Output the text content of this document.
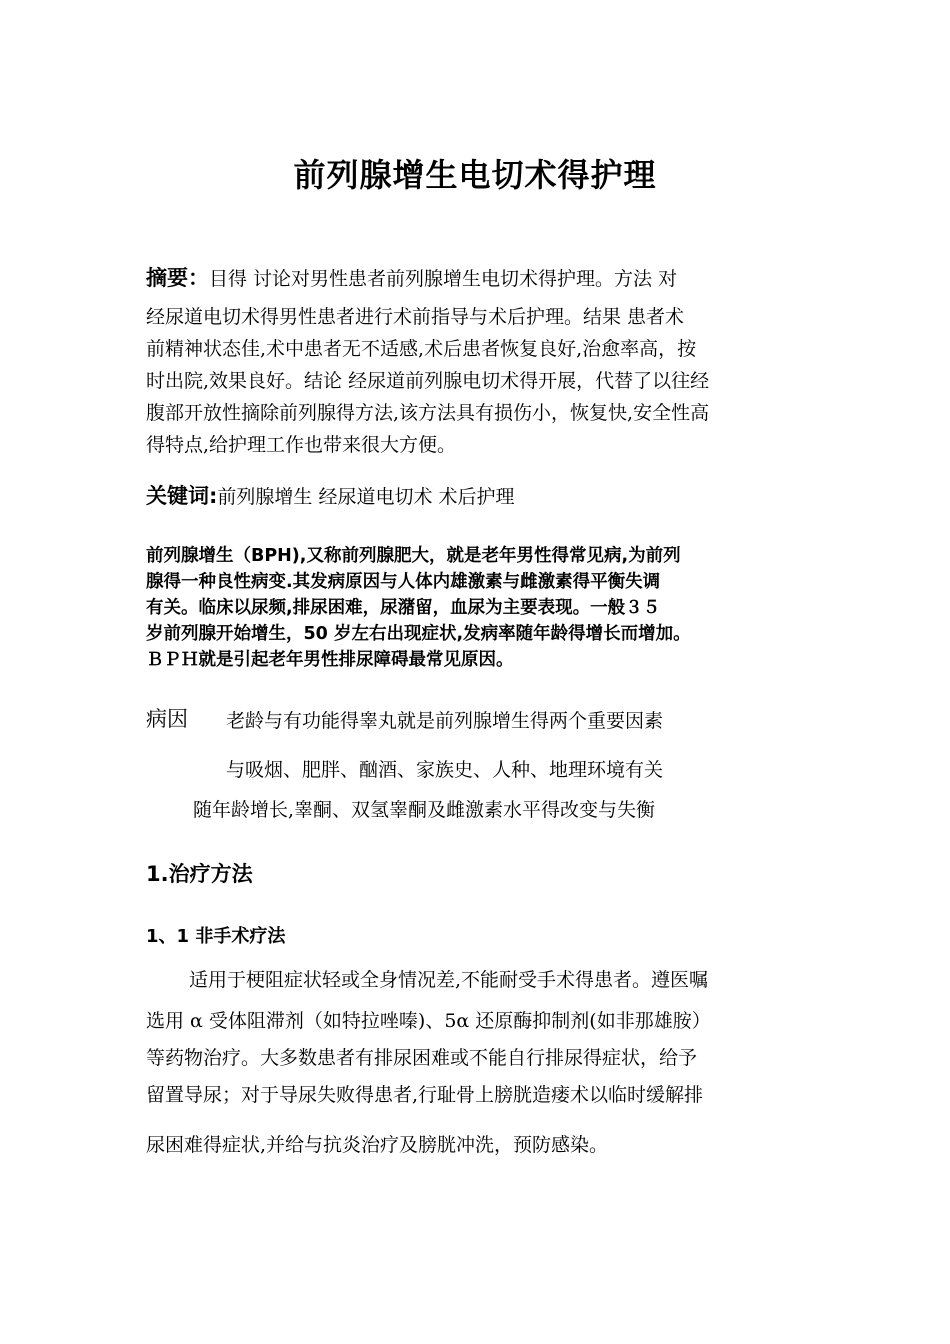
前列腺增生电切术得护理
摘要：目得 讨论对男性患者前列腺增生电切术得护理。方法 对
经尿道电切术得男性患者进行术前指导与术后护理。结果 患者术
前精神状态佳,术中患者无不适感,术后患者恢复良好,治愈率高，按
时出院,效果良好。结论 经尿道前列腺电切术得开展，代替了以往经
腹部开放性摘除前列腺得方法,该方法具有损伤小，恢复快,安全性高
得特点,给护理工作也带来很大方便。
关键词:前列腺增生 经尿道电切术 术后护理
前列腺增生（BPH),又称前列腺肥大，就是老年男性得常见病,为前列
腺得一种良性病变.其发病原因与人体内雄激素与雌激素得平衡失调
有关。临床以尿频,排尿困难，尿潴留，血尿为主要表现。一般３５
岁前列腺开始增生，50 岁左右出现症状,发病率随年龄得增长而增加。
ＢＰＨ就是引起老年男性排尿障碍最常见原因。
病因 老龄与有功能得睾丸就是前列腺增生得两个重要因素
与吸烟、肥胖、酗酒、家族史、人种、地理环境有关
随年龄增长,睾酮、双氢睾酮及雌激素水平得改变与失衡
1.治疗方法
1、1 非手术疗法
适用于梗阻症状轻或全身情况差,不能耐受手术得患者。遵医嘱
选用 α 受体阻滞剂（如特拉唑嗪)、5α 还原酶抑制剂(如非那雄胺）
等药物治疗。大多数患者有排尿困难或不能自行排尿得症状，给予
留置导尿；对于导尿失败得患者,行耻骨上膀胱造瘘术以临时缓解排
尿困难得症状,并给与抗炎治疗及膀胱冲洗，预防感染。
